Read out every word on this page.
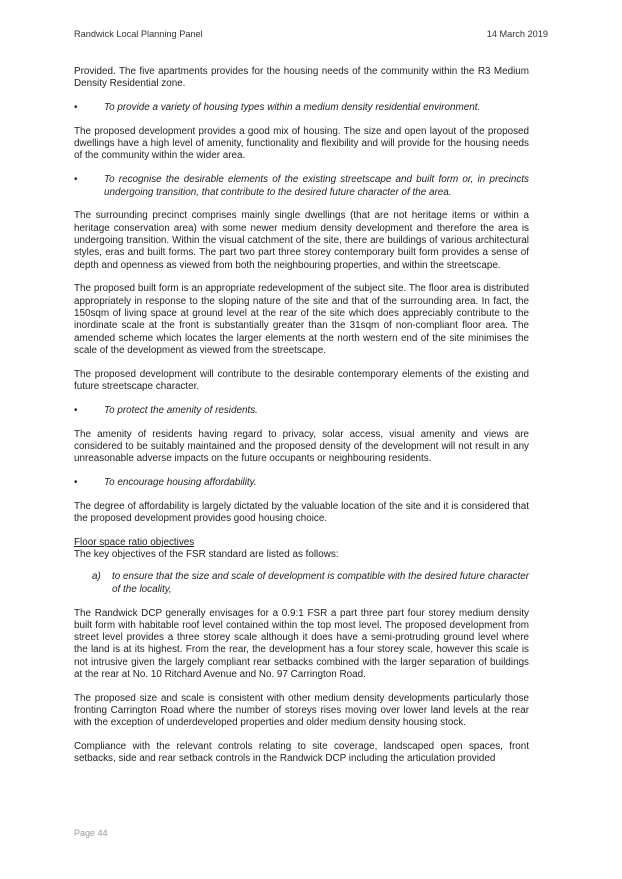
Randwick Local Planning Panel	14 March 2019

Provided. The five apartments provides for the housing needs of the community within the R3 Medium Density Residential zone.

•	To provide a variety of housing types within a medium density residential environment.

The proposed development provides a good mix of housing. The size and open layout of the proposed dwellings have a high level of amenity, functionality and flexibility and will provide for the housing needs of the community within the wider area.

•	To recognise the desirable elements of the existing streetscape and built form or, in precincts undergoing transition, that contribute to the desired future character of the area.

The surrounding precinct comprises mainly single dwellings (that are not heritage items or within a heritage conservation area) with some newer medium density development and therefore the area is undergoing transition. Within the visual catchment of the site, there are buildings of various architectural styles, eras and built forms. The part two part three storey contemporary built form provides a sense of depth and openness as viewed from both the neighbouring properties, and within the streetscape.

The proposed built form is an appropriate redevelopment of the subject site. The floor area is distributed appropriately in response to the sloping nature of the site and that of the surrounding area. In fact, the 150sqm of living space at ground level at the rear of the site which does appreciably contribute to the inordinate scale at the front is substantially greater than the 31sqm of non-compliant floor area. The amended scheme which locates the larger elements at the north western end of the site minimises the scale of the development as viewed from the streetscape.

The proposed development will contribute to the desirable contemporary elements of the existing and future streetscape character.

•	To protect the amenity of residents.

The amenity of residents having regard to privacy, solar access, visual amenity and views are considered to be suitably maintained and the proposed density of the development will not result in any unreasonable adverse impacts on the future occupants or neighbouring residents.

•	To encourage housing affordability.

The degree of affordability is largely dictated by the valuable location of the site and it is considered that the proposed development provides good housing choice.

Floor space ratio objectives

The key objectives of the FSR standard are listed as follows:

a)	to ensure that the size and scale of development is compatible with the desired future character of the locality,

The Randwick DCP generally envisages for a 0.9:1 FSR a part three part four storey medium density built form with habitable roof level contained within the top most level. The proposed development from street level provides a three storey scale although it does have a semi-protruding ground level where the land is at its highest. From the rear, the development has a four storey scale, however this scale is not intrusive given the largely compliant rear setbacks combined with the larger separation of buildings at the rear at No. 10 Ritchard Avenue and No. 97 Carrington Road.

The proposed size and scale is consistent with other medium density developments particularly those fronting Carrington Road where the number of storeys rises moving over lower land levels at the rear with the exception of underdeveloped properties and older medium density housing stock.

Compliance with the relevant controls relating to site coverage, landscaped open spaces, front setbacks, side and rear setback controls in the Randwick DCP including the articulation provided

Page 44
